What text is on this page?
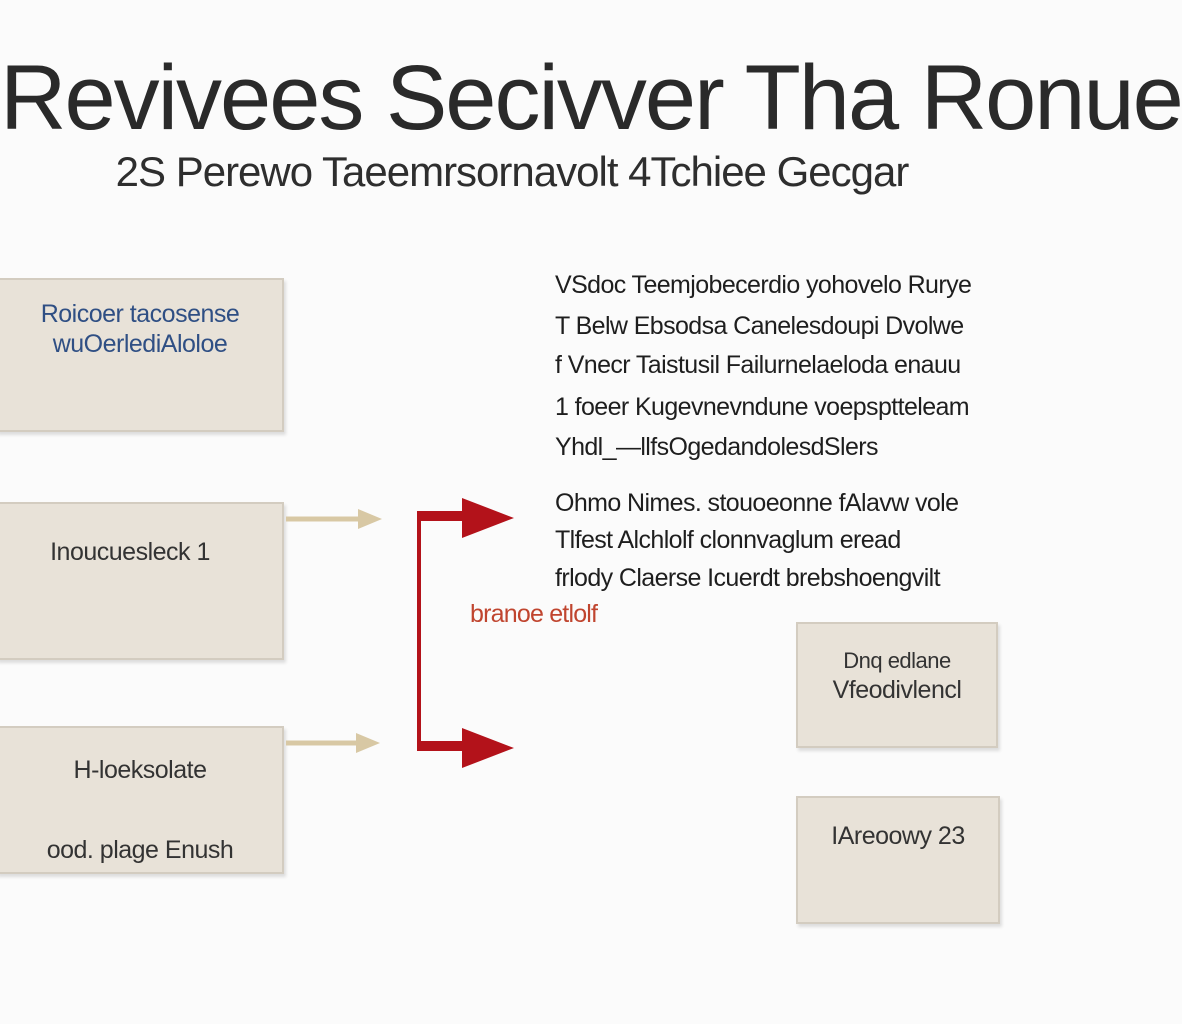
Revivees Secivver Tha Ronue
2S Perewo Taeemrsornavolt 4Tchiee Gecgar
Roicoer tacosense
wuOerlediAloloe
Inoucuesleck 1
H-loeksolate
ood. plage Enush
branoe etlolf
VSdoc Teemjobecerdio yohovelo Rurye
T Belw Ebsodsa Canelesdoupi Dvolwe
f Vnecr Taistusil Failurnelaeloda enauu
1 foeer Kugevnevndune voepsptteleam
Yhdl_—llfsOgedandolesdSlers
Ohmo Nimes. stouoeonne fAlavw vole
Tlfest Alchlolf clonnvaglum eread
frlody Claerse Icuerdt brebshoengvilt
Dnq edlane
Vfeodivlencl
IAreoowy 23
